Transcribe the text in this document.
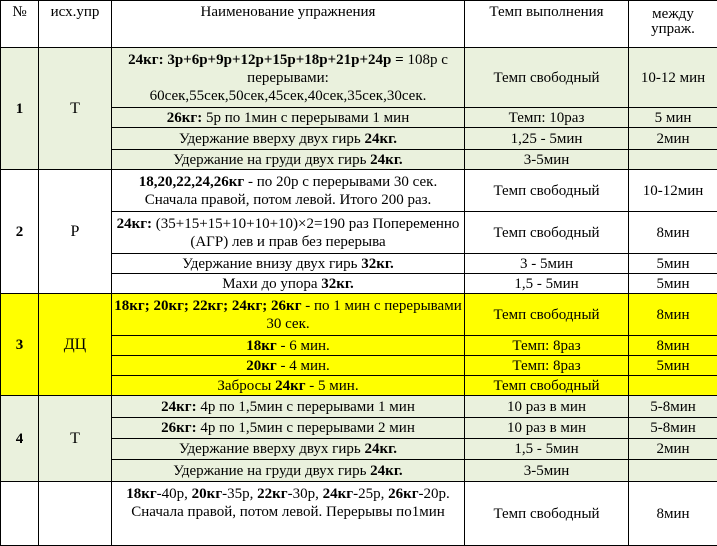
№	исх.упр	Наименование упражнения	Темп выполнения	между
упраж.

1	Т	24кг: 3р+6р+9р+12р+15р+18р+21р+24р = 108р с перерывами: 60сек,55сек,50сек,45сек,40сек,35сек,30сек.	Темп свободный	10-12 мин
		26кг: 5р по 1мин с перерывами 1 мин	Темп: 10раз	5 мин
		Удержание вверху двух гирь 24кг.	1,25 - 5мин	2мин
		Удержание на груди двух гирь 24кг.	3-5мин	
2	Р	18,20,22,24,26кг - по 20р с перерывами 30 сек. Сначала правой, потом левой. Итого 200 раз.	Темп свободный	10-12мин
		24кг: (35+15+15+10+10+10)×2=190 раз Попеременно (АГР) лев и прав без перерыва	Темп свободный	8мин
		Удержание внизу двух гирь 32кг.	3 - 5мин	5мин
		Махи до упора 32кг.	1,5 - 5мин	5мин
3	ДЦ	18кг; 20кг; 22кг; 24кг; 26кг - по 1 мин с перерывами 30 сек.	Темп свободный	8мин
		18кг - 6 мин.	Темп: 8раз	8мин
		20кг - 4 мин.	Темп: 8раз	5мин
		Забросы 24кг - 5 мин.	Темп свободный	
4	Т	24кг: 4р по 1,5мин с перерывами 1 мин	10 раз в мин	5-8мин
		26кг: 4р по 1,5мин с перерывами 2 мин	10 раз в мин	5-8мин
		Удержание вверху двух гирь 24кг.	1,5 - 5мин	2мин
		Удержание на груди двух гирь 24кг.	3-5мин	
		18кг-40р, 20кг-35р, 22кг-30р, 24кг-25р, 26кг-20р. Сначала правой, потом левой. Перерывы по1мин	Темп свободный	8мин
